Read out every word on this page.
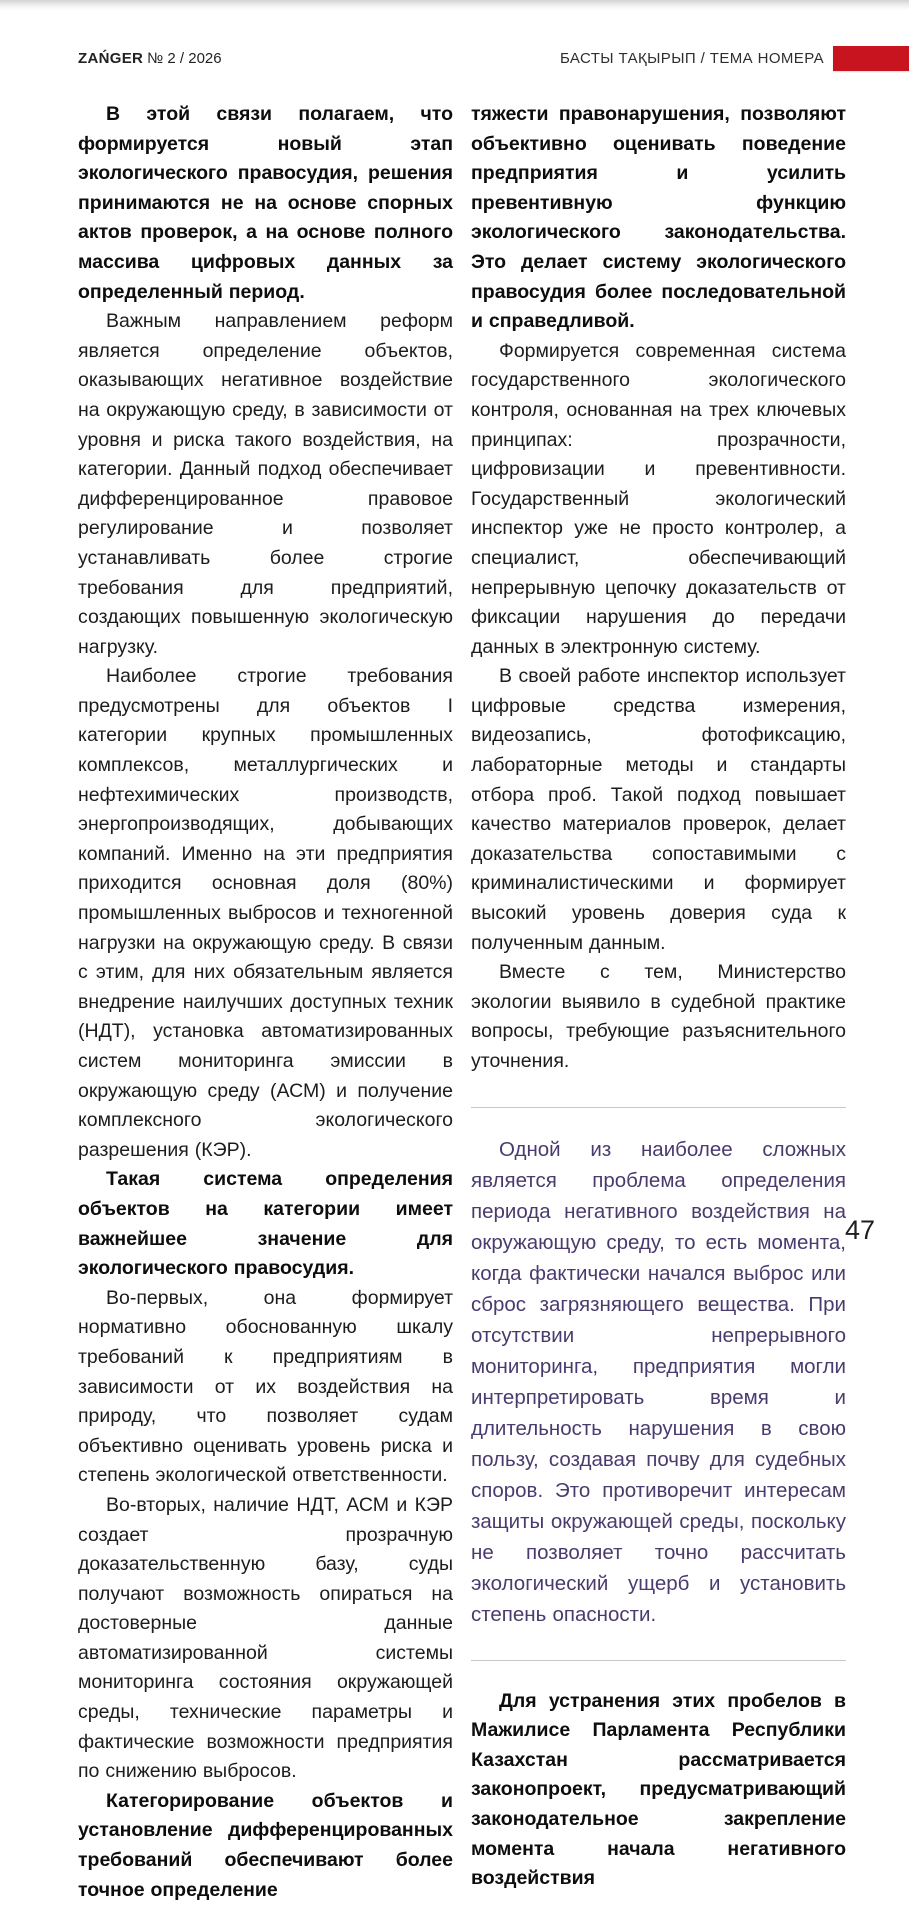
ZAŃGER № 2 / 2026	БАСТЫ ТАҚЫРЫП / ТЕМА НОМЕРА

В этой связи полагаем, что формируется новый этап экологического правосудия, решения принимаются не на основе спорных актов проверок, а на основе полного массива цифровых данных за определенный период.

Важным направлением реформ является определение объектов, оказывающих негативное воздействие на окружающую среду, в зависимости от уровня и риска такого воздействия, на категории. Данный подход обеспечивает дифференцированное правовое регулирование и позволяет устанавливать более строгие требования для предприятий, создающих повышенную экологическую нагрузку.

Наиболее строгие требования предусмотрены для объектов I категории крупных промышленных комплексов, металлургических и нефтехимических производств, энергопроизводящих, добывающих компаний. Именно на эти предприятия приходится основная доля (80%) промышленных выбросов и техногенной нагрузки на окружающую среду. В связи с этим, для них обязательным является внедрение наилучших доступных техник (НДТ), установка автоматизированных систем мониторинга эмиссии в окружающую среду (АСМ) и получение комплексного экологического разрешения (КЭР).

Такая система определения объектов на категории имеет важнейшее значение для экологического правосудия.

Во-первых, она формирует нормативно обоснованную шкалу требований к предприятиям в зависимости от их воздействия на природу, что позволяет судам объективно оценивать уровень риска и степень экологической ответственности.

Во-вторых, наличие НДТ, АСМ и КЭР создает прозрачную доказательственную базу, суды получают возможность опираться на достоверные данные автоматизированной системы мониторинга состояния окружающей среды, технические параметры и фактические возможности предприятия по снижению выбросов.

Категорирование объектов и установление дифференцированных требований обеспечивают более точное определение

тяжести правонарушения, позволяют объективно оценивать поведение предприятия и усилить превентивную функцию экологического законодательства. Это делает систему экологического правосудия более последовательной и справедливой.

Формируется современная система государственного экологического контроля, основанная на трех ключевых принципах: прозрачности, цифровизации и превентивности. Государственный экологический инспектор уже не просто контролер, а специалист, обеспечивающий непрерывную цепочку доказательств от фиксации нарушения до передачи данных в электронную систему.

В своей работе инспектор использует цифровые средства измерения, видеозапись, фотофиксацию, лабораторные методы и стандарты отбора проб. Такой подход повышает качество материалов проверок, делает доказательства сопоставимыми с криминалистическими и формирует высокий уровень доверия суда к полученным данным.

Вместе с тем, Министерство экологии выявило в судебной практике вопросы, требующие разъяснительного уточнения.

Одной из наиболее сложных является проблема определения периода негативного воздействия на окружающую среду, то есть момента, когда фактически начался выброс или сброс загрязняющего вещества. При отсутствии непрерывного мониторинга, предприятия могли интерпретировать время и длительность нарушения в свою пользу, создавая почву для судебных споров. Это противоречит интересам защиты окружающей среды, поскольку не позволяет точно рассчитать экологический ущерб и установить степень опасности.

Для устранения этих пробелов в Мажилисе Парламента Республики Казахстан рассматривается законопроект, предусматривающий законодательное закрепление момента начала негативного воздействия

47
